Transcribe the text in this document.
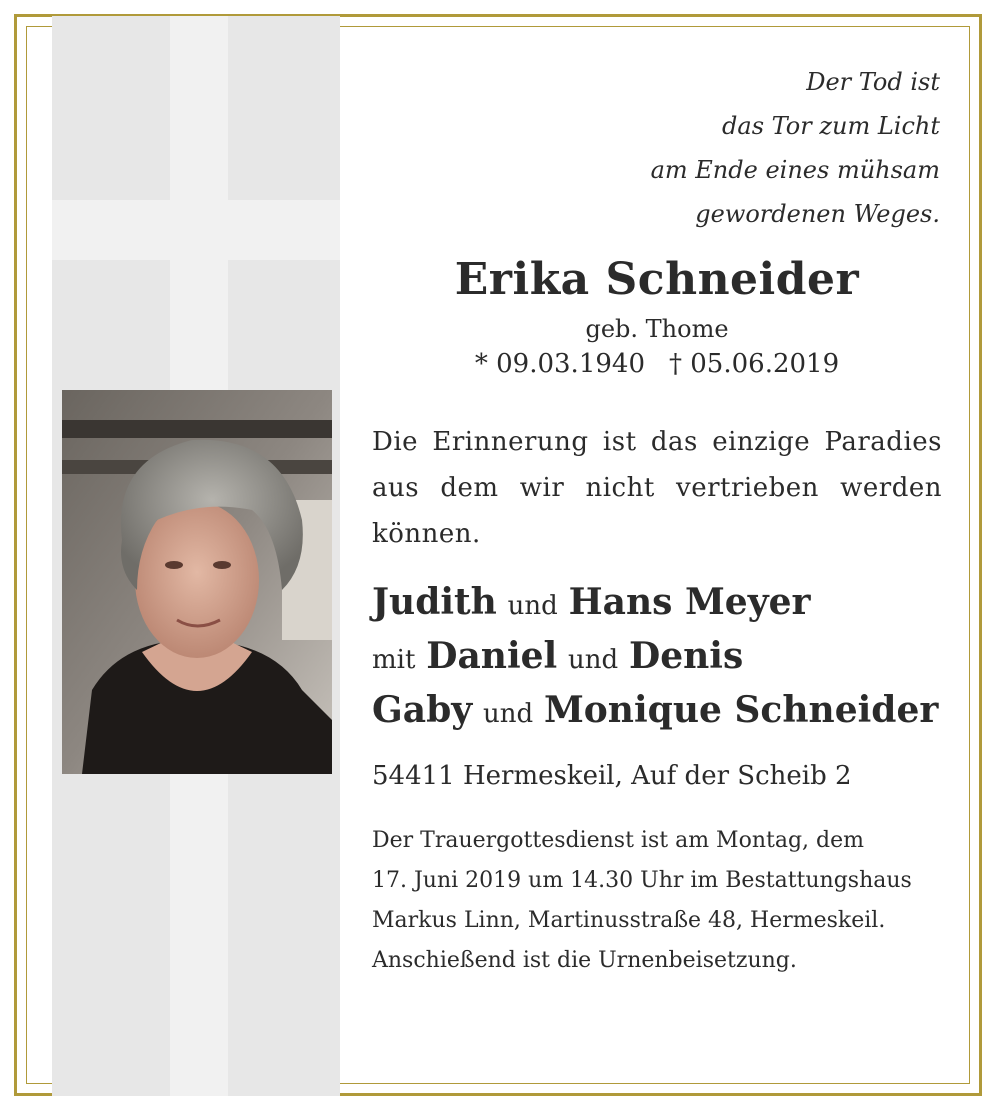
Der Tod ist
das Tor zum Licht
am Ende eines mühsam
gewordenen Weges.
Erika Schneider
geb. Thome
* 09.03.1940 † 05.06.2019
Die Erinnerung ist das einzige Paradies aus dem wir nicht vertrieben werden können.
Judith und Hans Meyer
mit Daniel und Denis
Gaby und Monique Schneider
54411 Hermeskeil, Auf der Scheib 2
Der Trauergottesdienst ist am Montag, dem
17. Juni 2019 um 14.30 Uhr im Bestattungshaus
Markus Linn, Martinusstraße 48, Hermeskeil.
Anschießend ist die Urnenbeisetzung.
